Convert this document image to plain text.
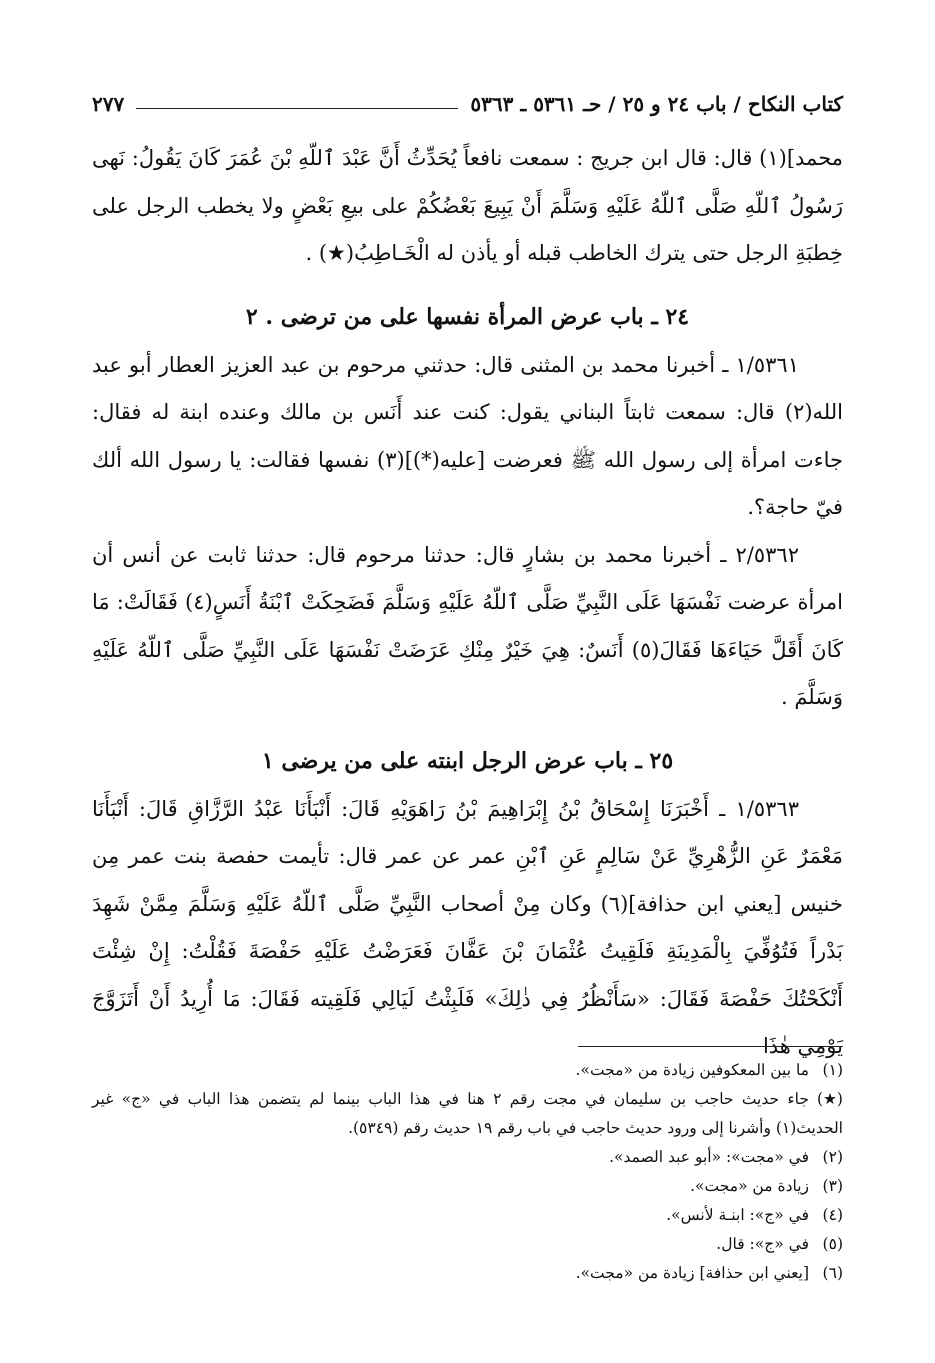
كتاب النكاح / باب ٢٤ و ٢٥ / حـ ٥٣٦١ ـ ٥٣٦٣
٢٧٧

محمد](١) قال: قال ابن جريج : سمعت نافعاً يُحَدِّثُ أَنَّ عَبْدَ ٱللّهِ بْنَ عُمَرَ كَانَ يَقُولُ: نَهى رَسُولُ ٱللّهِ صَلَّى ٱللّهُ عَلَيْهِ وَسَلَّمَ أَنْ يَبِيعَ بَعْضُكُمْ على بيعِ بَعْضٍ ولا يخطب الرجل على خِطبَةِ الرجل حتى يترك الخاطب قبله أو يأذن له الْخَـاطِبُ(★) .

٢٤ ـ باب عرض المرأة نفسها على من ترضى . ٢

١/٥٣٦١ ـ أخبرنا محمد بن المثنى قال: حدثني مرحوم بن عبد العزيز العطار أبو عبد الله(٢) قال: سمعت ثابتاً البناني يقول: كنت عند أَنَس بن مالك وعنده ابنة له فقال: جاءت امرأة إلى رسول الله ﷺ فعرضت [عليه(*)](٣) نفسها فقالت: يا رسول الله ألك فيّ حاجة؟.

٢/٥٣٦٢ ـ أخبرنا محمد بن بشارٍ قال: حدثنا مرحوم قال: حدثنا ثابت عن أنس أن امرأة عرضت نَفْسَهَا عَلَى النَّبِيِّ صَلَّى ٱللّهُ عَلَيْهِ وَسَلَّمَ فَضَحِكَتْ ٱبْنَةُ أَنَسٍ(٤) فَقَالَتْ: مَا كَانَ أَقَلَّ حَيَاءَهَا فَقَالَ(٥) أَنَسٌ: هِيَ خَيْرٌ مِنْكِ عَرَضَتْ نَفْسَهَا عَلَى النَّبِيِّ صَلَّى ٱللّهُ عَلَيْهِ وَسَلَّمَ .

٢٥ ـ باب عرض الرجل ابنته على من يرضى ١

١/٥٣٦٣ ـ أَخْبَرَنَا إِسْحَاقُ بْنُ إِبْرَاهِيمَ بْنُ رَاهَوَيْهِ قَالَ: أَنْبَأَنَا عَبْدُ الرَّزَّاقِ قَالَ: أَنْبَأَنَا مَعْمَرٌ عَنِ الزُّهْرِيِّ عَنْ سَالِمٍ عَنِ ٱبْنِ عمر عن عمر قال: تأيمت حفصة بنت عمر مِن خنيس [يعني ابن حذافة](٦) وكان مِنْ أصحاب النَّبِيِّ صَلَّى ٱللّهُ عَلَيْهِ وَسَلَّمَ مِمَّنْ شَهِدَ بَدْراً فَتُوُفِّيَ بِالْمَدِينَةِ فَلَقِيتُ عُثْمَانَ بْنَ عَفَّانَ فَعَرَضْتُ عَلَيْهِ حَفْصَةَ فَقُلْتُ: إِنْ شِئْتَ أَنْكَحْتُكَ حَفْصَةَ فَقَالَ: «سَأَنْظُرُ فِي ذٰلِكَ» فَلَبِثْتُ لَيَالِي فَلَقِيته فَقَالَ: مَا أُرِيدُ أَنْ أَتَزَوَّجَ يَوْمِي هٰذَا

(١)ما بين المعكوفين زيادة من «مجت».

(★)جاء حديث حاجب بن سليمان في مجت رقم ٢ هنا في هذا الباب بينما لم يتضمن هذا الباب في «ج» غير الحديث(١) وأشرنا إلى ورود حديث حاجب في باب رقم ١٩ حديث رقم (٥٣٤٩).

(٢)في «مجت»: «أبو عبد الصمد».

(٣)زيادة من «مجت».

(٤)في «ج»: ابنـة لأنس».

(٥)في «ج»: قال.

(٦)[يعني ابن حذافة] زيادة من «مجت».
